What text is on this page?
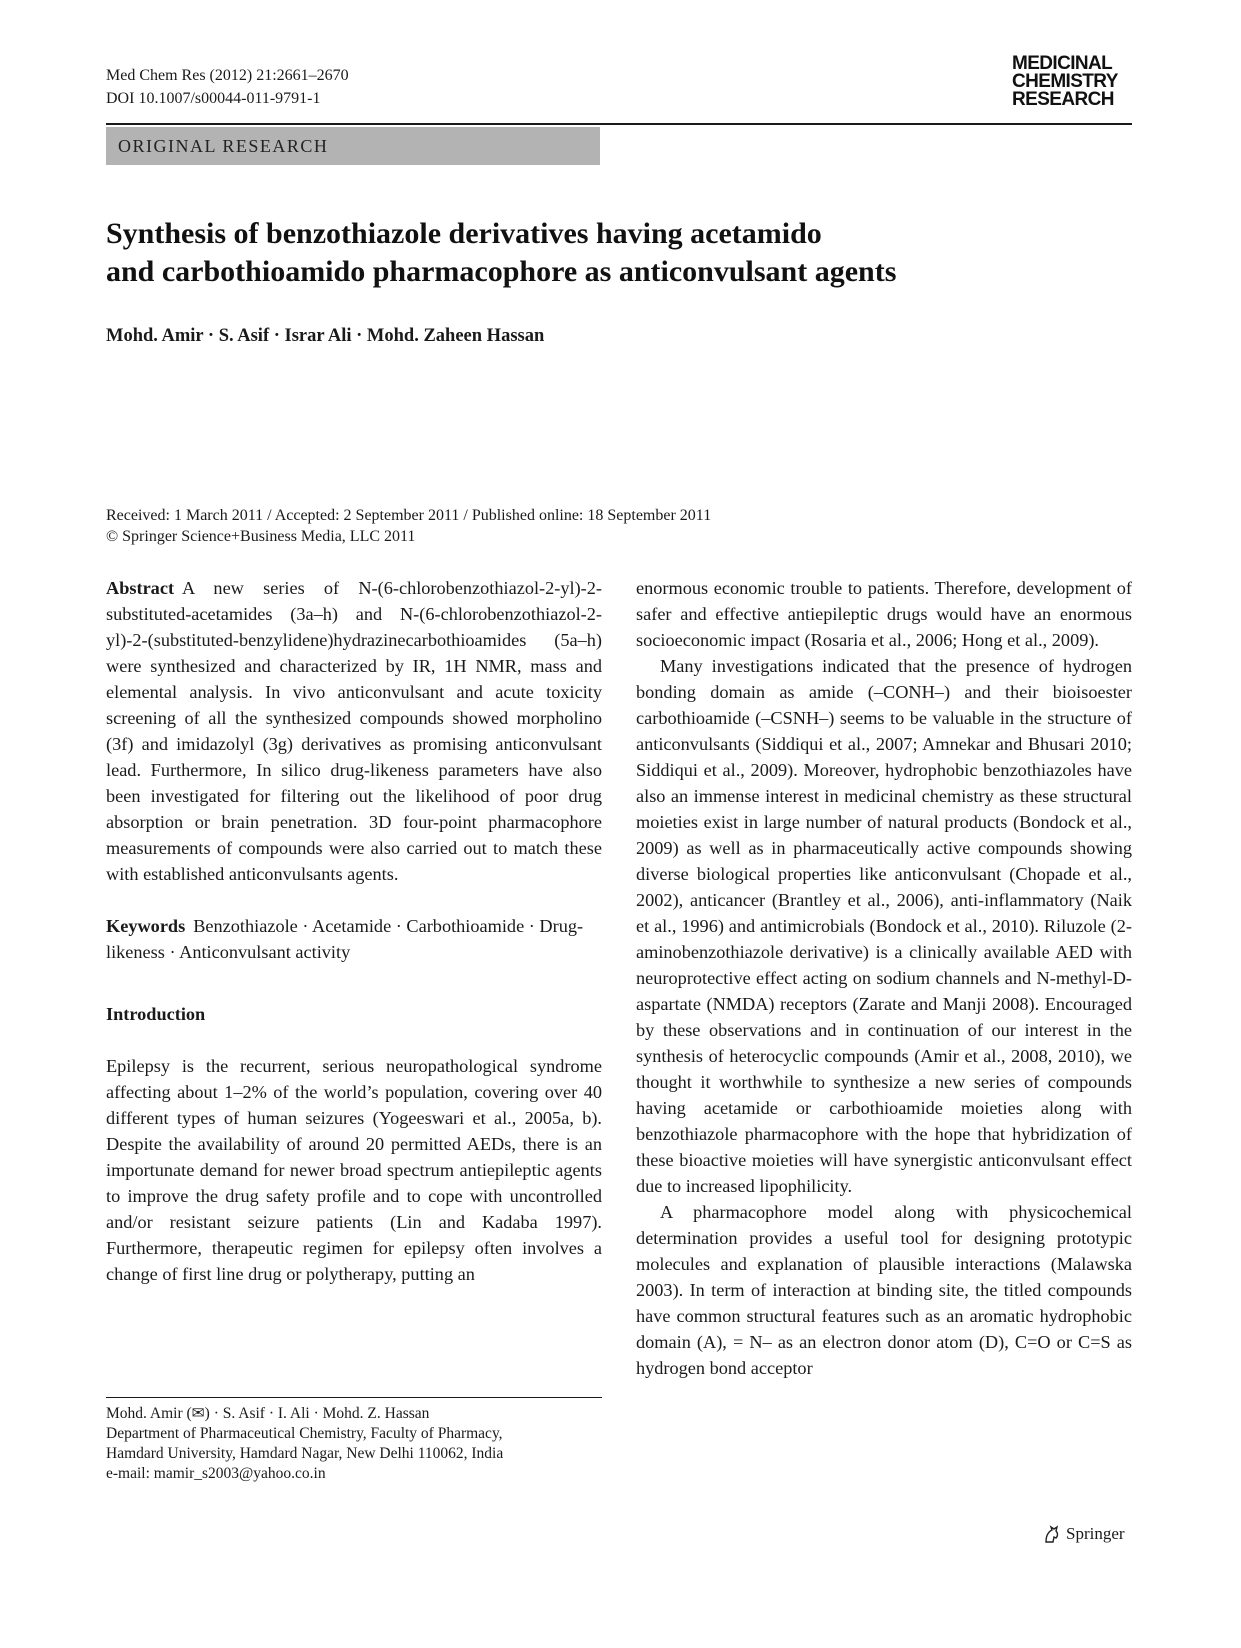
Med Chem Res (2012) 21:2661–2670
DOI 10.1007/s00044-011-9791-1
MEDICINAL
CHEMISTRY
RESEARCH
ORIGINAL RESEARCH
Synthesis of benzothiazole derivatives having acetamido
and carbothioamido pharmacophore as anticonvulsant agents
Mohd. Amir · S. Asif · Israr Ali · Mohd. Zaheen Hassan
Received: 1 March 2011 / Accepted: 2 September 2011 / Published online: 18 September 2011
© Springer Science+Business Media, LLC 2011

Abstract A new series of N-(6-chlorobenzothiazol-2-yl)-2-substituted-acetamides (3a–h) and N-(6-chlorobenzothiazol-2-yl)-2-(substituted-benzylidene)hydrazinecarbothioamides (5a–h) were synthesized and characterized by IR, 1H NMR, mass and elemental analysis. In vivo anticonvulsant and acute toxicity screening of all the synthesized compounds showed morpholino (3f) and imidazolyl (3g) derivatives as promising anticonvulsant lead. Furthermore, In silico drug-likeness parameters have also been investigated for filtering out the likelihood of poor drug absorption or brain penetration. 3D four-point pharmacophore measurements of compounds were also carried out to match these with established anticonvulsants agents.

Keywords Benzothiazole · Acetamide · Carbothioamide · Drug-likeness · Anticonvulsant activity

Introduction

Epilepsy is the recurrent, serious neuropathological syndrome affecting about 1–2% of the world’s population, covering over 40 different types of human seizures (Yogeeswari et al., 2005a, b). Despite the availability of around 20 permitted AEDs, there is an importunate demand for newer broad spectrum antiepileptic agents to improve the drug safety profile and to cope with uncontrolled and/or resistant seizure patients (Lin and Kadaba 1997). Furthermore, therapeutic regimen for epilepsy often involves a change of first line drug or polytherapy, putting an

Mohd. Amir (✉) · S. Asif · I. Ali · Mohd. Z. Hassan
Department of Pharmaceutical Chemistry, Faculty of Pharmacy,
Hamdard University, Hamdard Nagar, New Delhi 110062, India
e-mail: mamir_s2003@yahoo.co.in

enormous economic trouble to patients. Therefore, development of safer and effective antiepileptic drugs would have an enormous socioeconomic impact (Rosaria et al., 2006; Hong et al., 2009).

Many investigations indicated that the presence of hydrogen bonding domain as amide (–CONH–) and their bioisoester carbothioamide (–CSNH–) seems to be valuable in the structure of anticonvulsants (Siddiqui et al., 2007; Amnekar and Bhusari 2010; Siddiqui et al., 2009). Moreover, hydrophobic benzothiazoles have also an immense interest in medicinal chemistry as these structural moieties exist in large number of natural products (Bondock et al., 2009) as well as in pharmaceutically active compounds showing diverse biological properties like anticonvulsant (Chopade et al., 2002), anticancer (Brantley et al., 2006), anti-inflammatory (Naik et al., 1996) and antimicrobials (Bondock et al., 2010). Riluzole (2-aminobenzothiazole derivative) is a clinically available AED with neuroprotective effect acting on sodium channels and N-methyl-D-aspartate (NMDA) receptors (Zarate and Manji 2008). Encouraged by these observations and in continuation of our interest in the synthesis of heterocyclic compounds (Amir et al., 2008, 2010), we thought it worthwhile to synthesize a new series of compounds having acetamide or carbothioamide moieties along with benzothiazole pharmacophore with the hope that hybridization of these bioactive moieties will have synergistic anticonvulsant effect due to increased lipophilicity.

A pharmacophore model along with physicochemical determination provides a useful tool for designing prototypic molecules and explanation of plausible interactions (Malawska 2003). In term of interaction at binding site, the titled compounds have common structural features such as an aromatic hydrophobic domain (A), = N– as an electron donor atom (D), C=O or C=S as hydrogen bond acceptor

Springer
